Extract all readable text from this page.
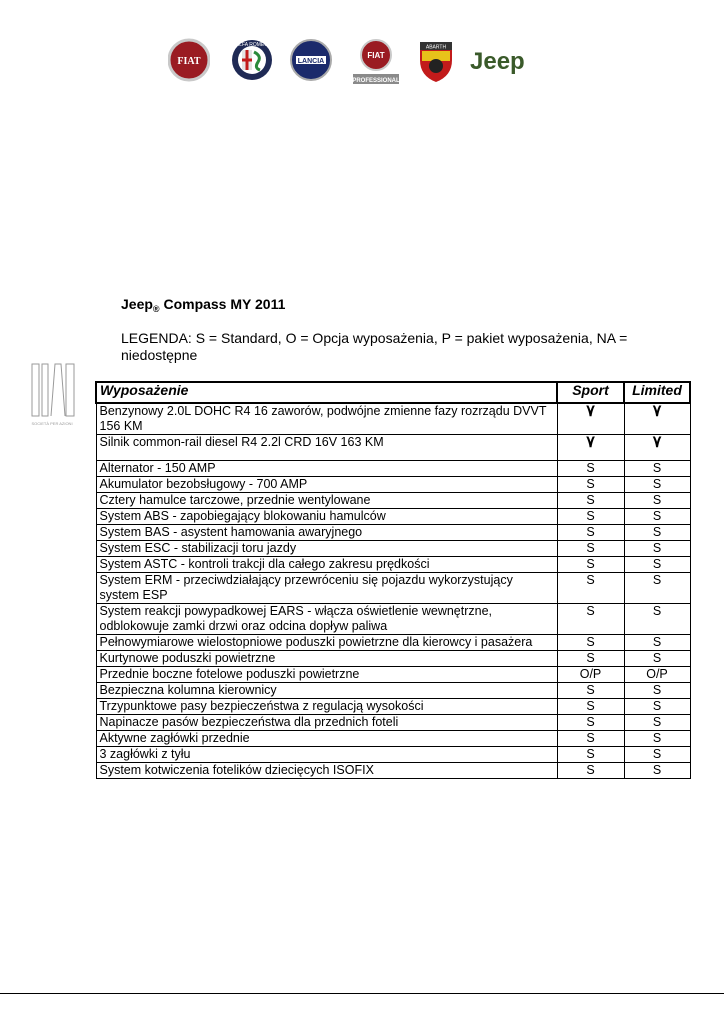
FIAT
ALFA ROMEO
LANCIA
FIAT
PROFESSIONAL
ABARTH
Jeep
SOCIETÀ PER AZIONI
Jeep$_®$ Compass MY 2011
LEGENDA: S = Standard, O = Opcja wyposażenia, P = pakiet wyposażenia, NA = niedostępne
Wyposażenie	Sport	Limited
Benzynowy 2.0L DOHC R4 16 zaworów, podwójne zmienne fazy rozrządu DVVT 156 KM	٧	٧
Silnik common-rail diesel R4 2.2l CRD 16V 163 KM	٧	٧
Alternator - 150 AMP	S	S
Akumulator bezobsługowy - 700 AMP	S	S
Cztery hamulce tarczowe, przednie wentylowane	S	S
System ABS - zapobiegający blokowaniu hamulców	S	S
System BAS - asystent hamowania awaryjnego	S	S
System ESC - stabilizacji toru jazdy	S	S
System ASTC - kontroli trakcji dla całego zakresu prędkości	S	S
System ERM - przeciwdziałający przewróceniu się pojazdu wykorzystujący system ESP	S	S
System reakcji powypadkowej EARS - włącza oświetlenie wewnętrzne, odblokowuje zamki drzwi oraz odcina dopływ paliwa	S	S
Pełnowymiarowe wielostopniowe poduszki powietrzne dla kierowcy i pasażera	S	S
Kurtynowe poduszki powietrzne	S	S
Przednie boczne fotelowe poduszki powietrzne	O/P	O/P
Bezpieczna kolumna kierownicy	S	S
Trzypunktowe pasy bezpieczeństwa z regulacją wysokości	S	S
Napinacze pasów bezpieczeństwa dla przednich foteli	S	S
Aktywne zagłówki przednie	S	S
3 zagłówki z tyłu	S	S
System kotwiczenia fotelików dziecięcych ISOFIX	S	S
